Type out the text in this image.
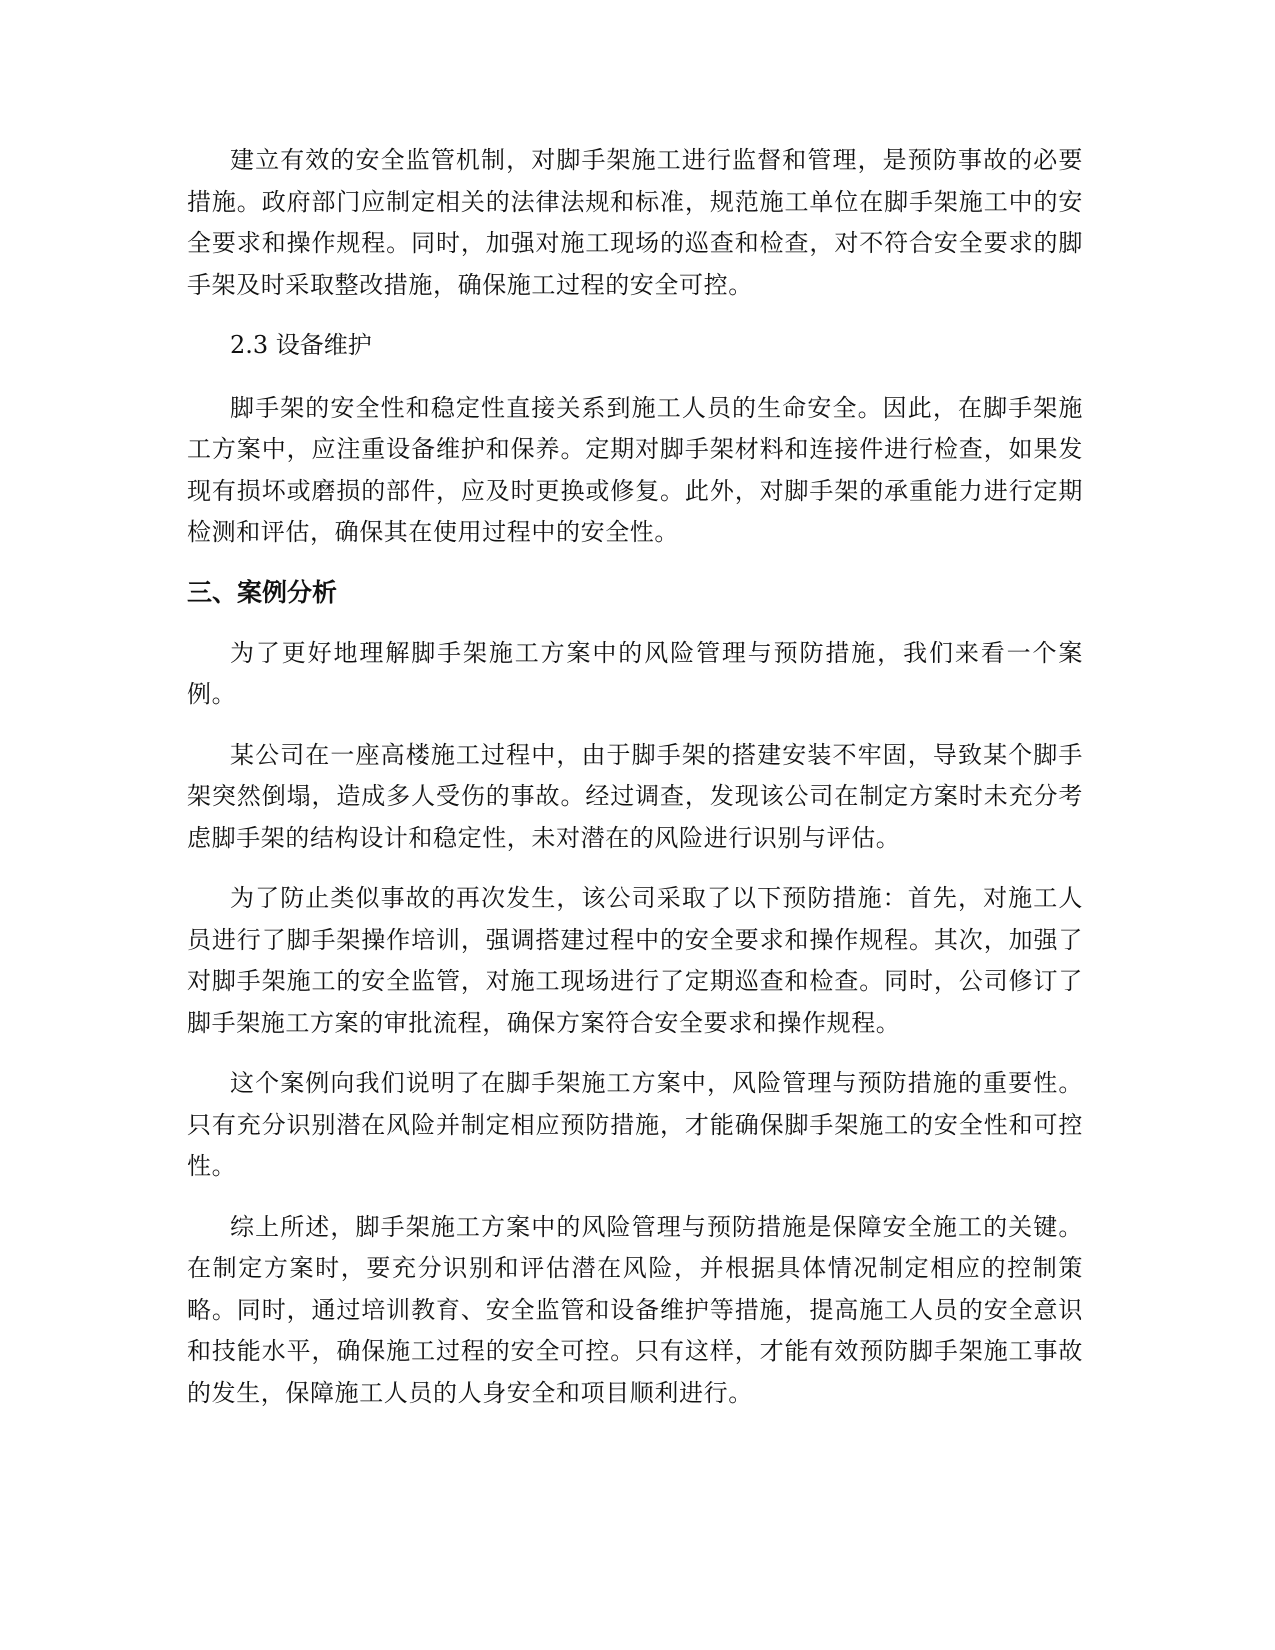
建立有效的安全监管机制，对脚手架施工进行监督和管理，是预防事故的必要措施。政府部门应制定相关的法律法规和标准，规范施工单位在脚手架施工中的安全要求和操作规程。同时，加强对施工现场的巡查和检查，对不符合安全要求的脚手架及时采取整改措施，确保施工过程的安全可控。

2.3 设备维护

脚手架的安全性和稳定性直接关系到施工人员的生命安全。因此，在脚手架施工方案中，应注重设备维护和保养。定期对脚手架材料和连接件进行检查，如果发现有损坏或磨损的部件，应及时更换或修复。此外，对脚手架的承重能力进行定期检测和评估，确保其在使用过程中的安全性。

三、案例分析

为了更好地理解脚手架施工方案中的风险管理与预防措施，我们来看一个案例。

某公司在一座高楼施工过程中，由于脚手架的搭建安装不牢固，导致某个脚手架突然倒塌，造成多人受伤的事故。经过调查，发现该公司在制定方案时未充分考虑脚手架的结构设计和稳定性，未对潜在的风险进行识别与评估。

为了防止类似事故的再次发生，该公司采取了以下预防措施：首先，对施工人员进行了脚手架操作培训，强调搭建过程中的安全要求和操作规程。其次，加强了对脚手架施工的安全监管，对施工现场进行了定期巡查和检查。同时，公司修订了脚手架施工方案的审批流程，确保方案符合安全要求和操作规程。

这个案例向我们说明了在脚手架施工方案中，风险管理与预防措施的重要性。只有充分识别潜在风险并制定相应预防措施，才能确保脚手架施工的安全性和可控性。

综上所述，脚手架施工方案中的风险管理与预防措施是保障安全施工的关键。在制定方案时，要充分识别和评估潜在风险，并根据具体情况制定相应的控制策略。同时，通过培训教育、安全监管和设备维护等措施，提高施工人员的安全意识和技能水平，确保施工过程的安全可控。只有这样，才能有效预防脚手架施工事故的发生，保障施工人员的人身安全和项目顺利进行。
